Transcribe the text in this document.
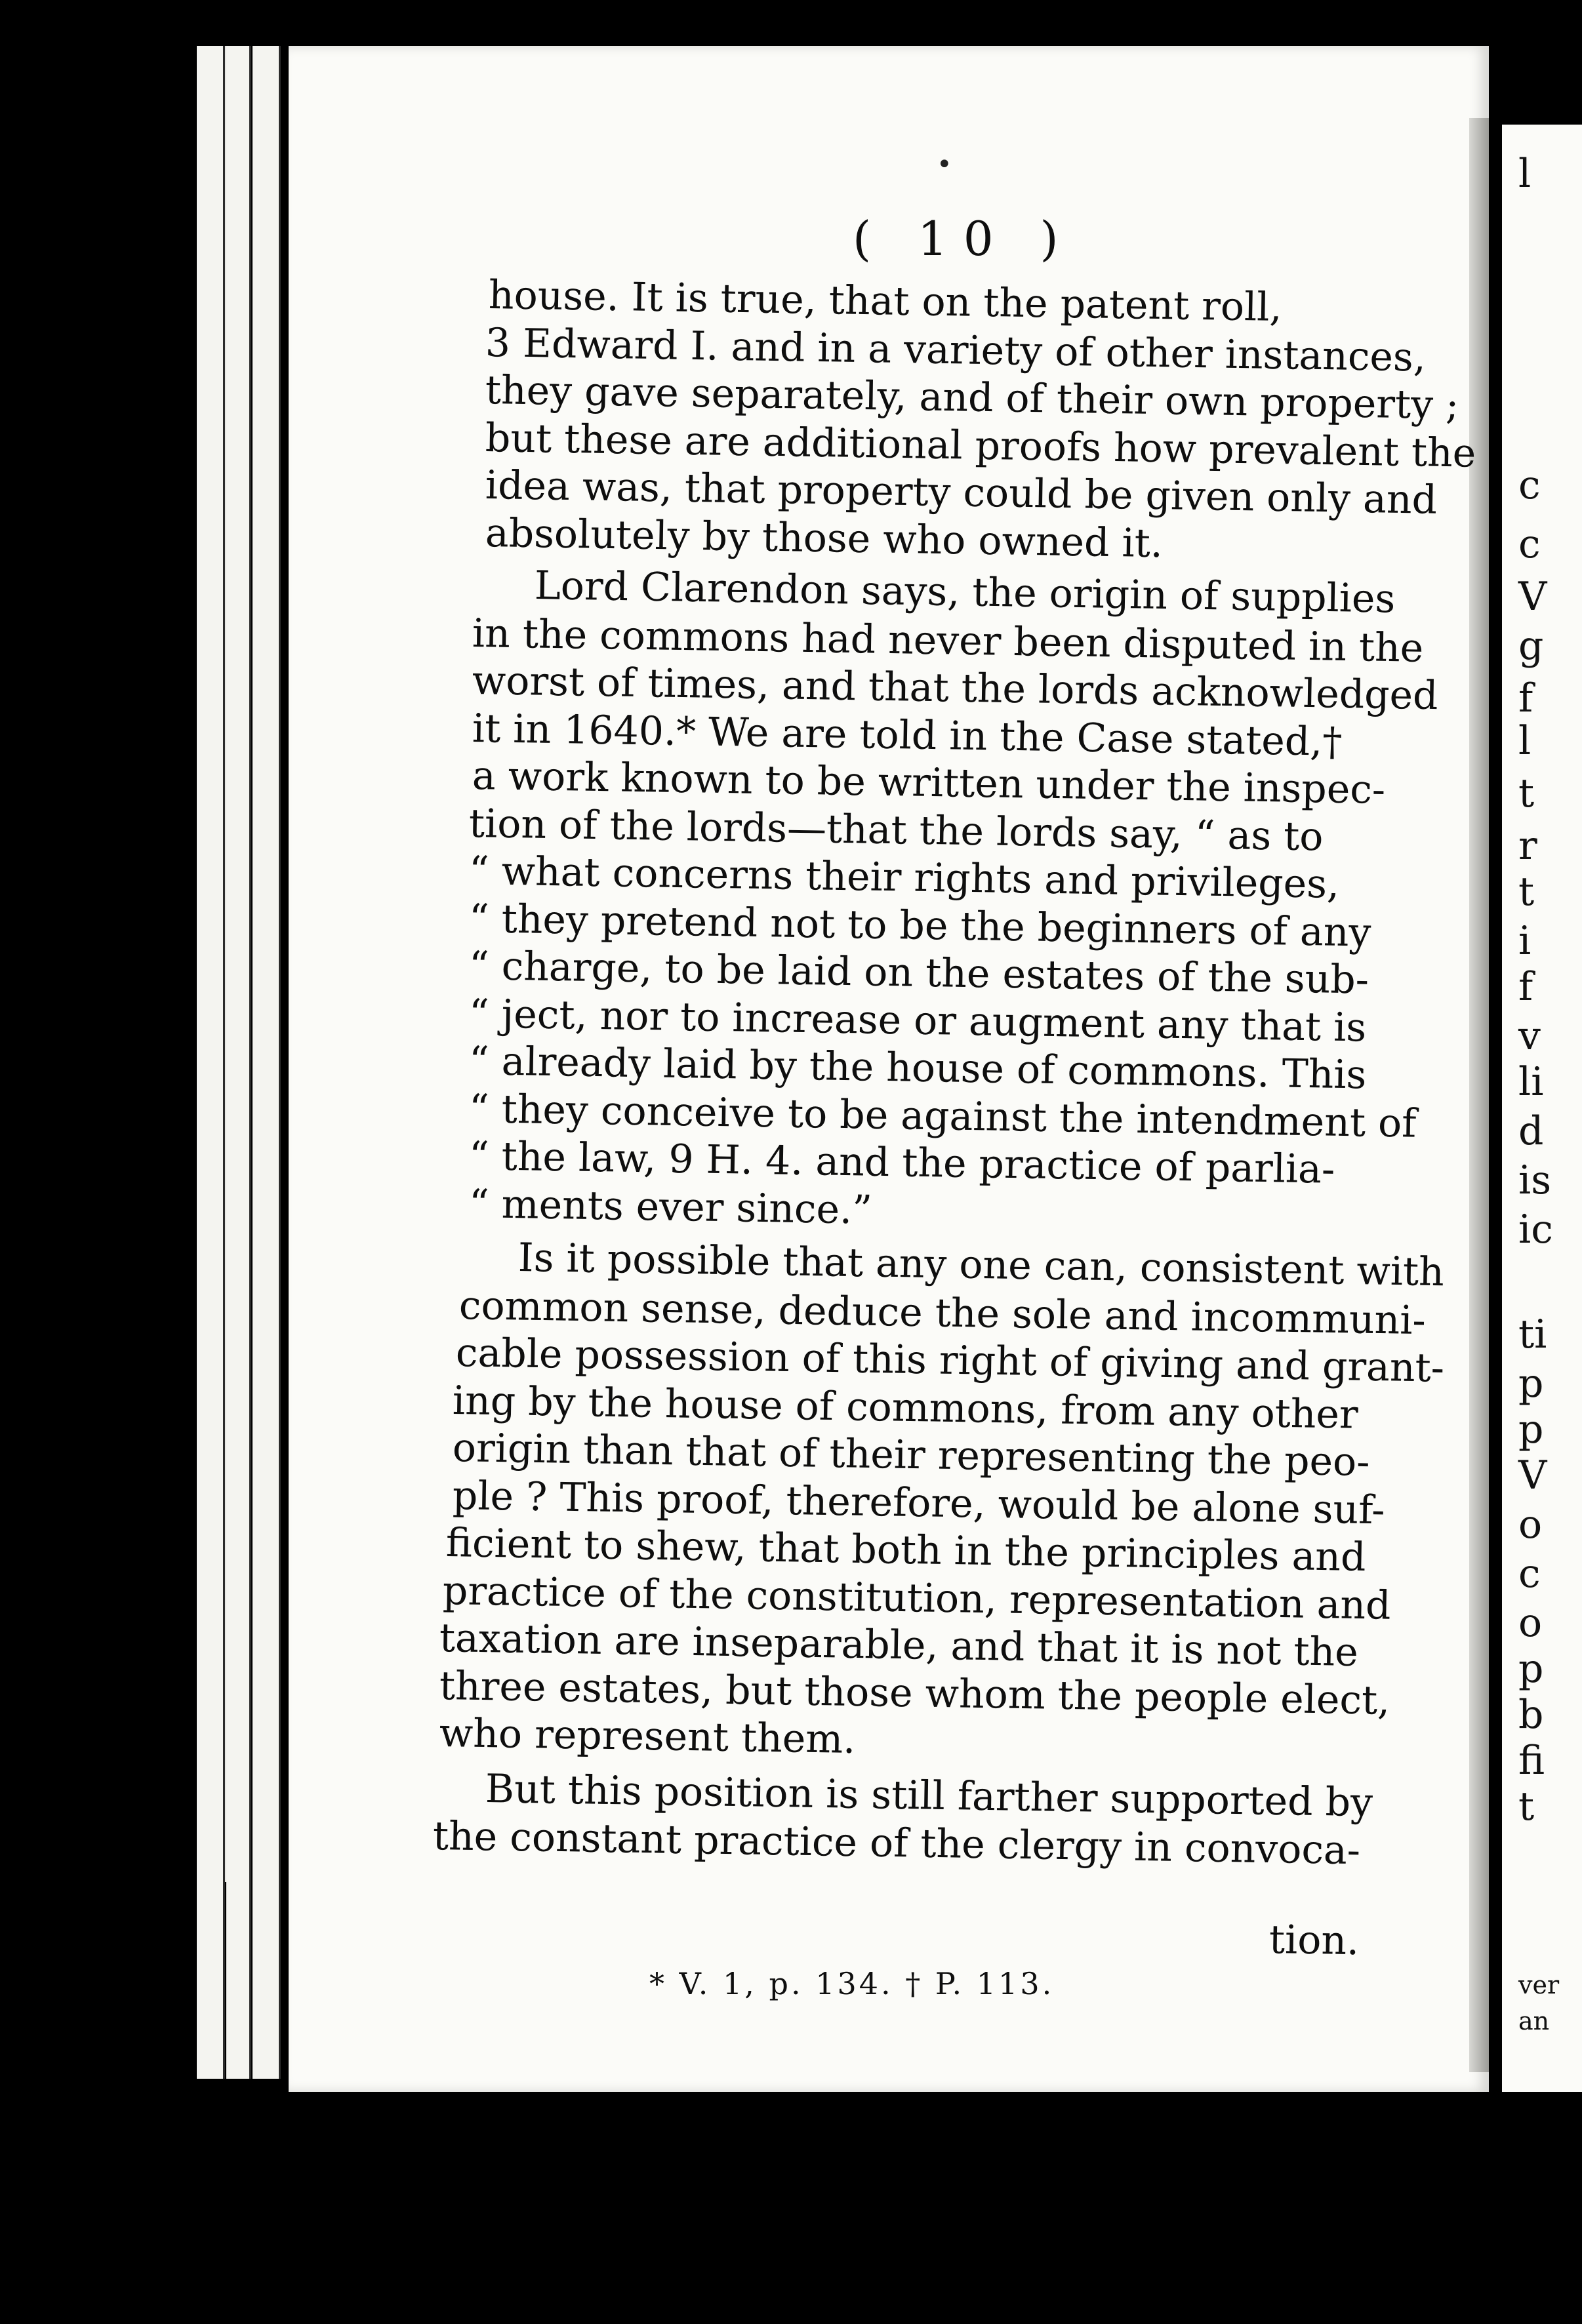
l
c
c
V
g
f
l
t
r
t
i
f
v
li
d
is
ic
ti
p
p
V
o
c
o
p
b
fi
t
ver
an
•
( 10 )
house. It is true, that on the patent roll,
3 Edward I. and in a variety of other instances,
they gave separately, and of their own property ;
but these are additional proofs how prevalent the
idea was, that property could be given only and
absolutely by those who owned it.
Lord Clarendon says, the origin of supplies
in the commons had never been disputed in the
worst of times, and that the lords acknowledged
it in 1640.* We are told in the Case stated,†
a work known to be written under the inspec-
tion of the lords—that the lords say, “ as to
“ what concerns their rights and privileges,
“ they pretend not to be the beginners of any
“ charge, to be laid on the estates of the sub-
“ ject, nor to increase or augment any that is
“ already laid by the house of commons. This
“ they conceive to be against the intendment of
“ the law, 9 H. 4. and the practice of parlia-
“ ments ever since.”
Is it possible that any one can, consistent with
common sense, deduce the sole and incommuni-
cable possession of this right of giving and grant-
ing by the house of commons, from any other
origin than that of their representing the peo-
ple ? This proof, therefore, would be alone suf-
ficient to shew, that both in the principles and
practice of the constitution, representation and
taxation are inseparable, and that it is not the
three estates, but those whom the people elect,
who represent them.
But this position is still farther supported by
the constant practice of the clergy in convoca-
tion.
* V. 1, p. 134. † P. 113.
